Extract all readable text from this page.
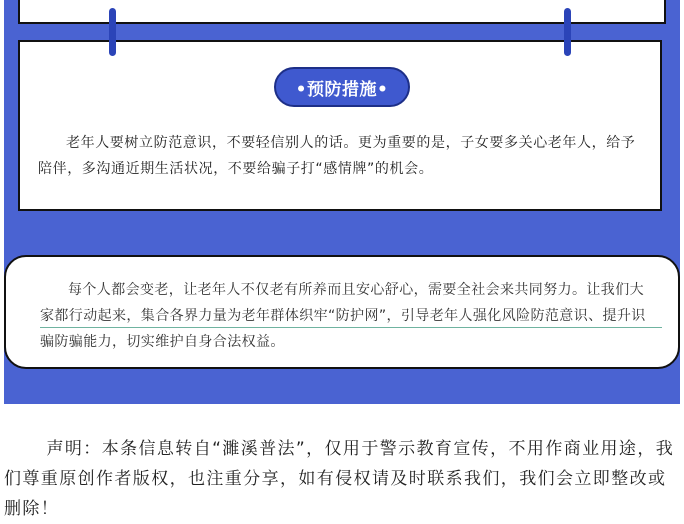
•预防措施•

老年人要树立防范意识，不要轻信别人的话。更为重要的是，子女要多关心老年人，给予陪伴，多沟通近期生活状况，不要给骗子打“感情牌”的机会。

每个人都会变老，让老年人不仅老有所养而且安心舒心，需要全社会来共同努力。让我们大家都行动起来，集合各界力量为老年群体织牢“防护网”，引导老年人强化风险防范意识、提升识骗防骗能力，切实维护自身合法权益。

声明：本条信息转自“濉溪普法”，仅用于警示教育宣传，不用作商业用途，我们尊重原创作者版权，也注重分享，如有侵权请及时联系我们，我们会立即整改或删除！
